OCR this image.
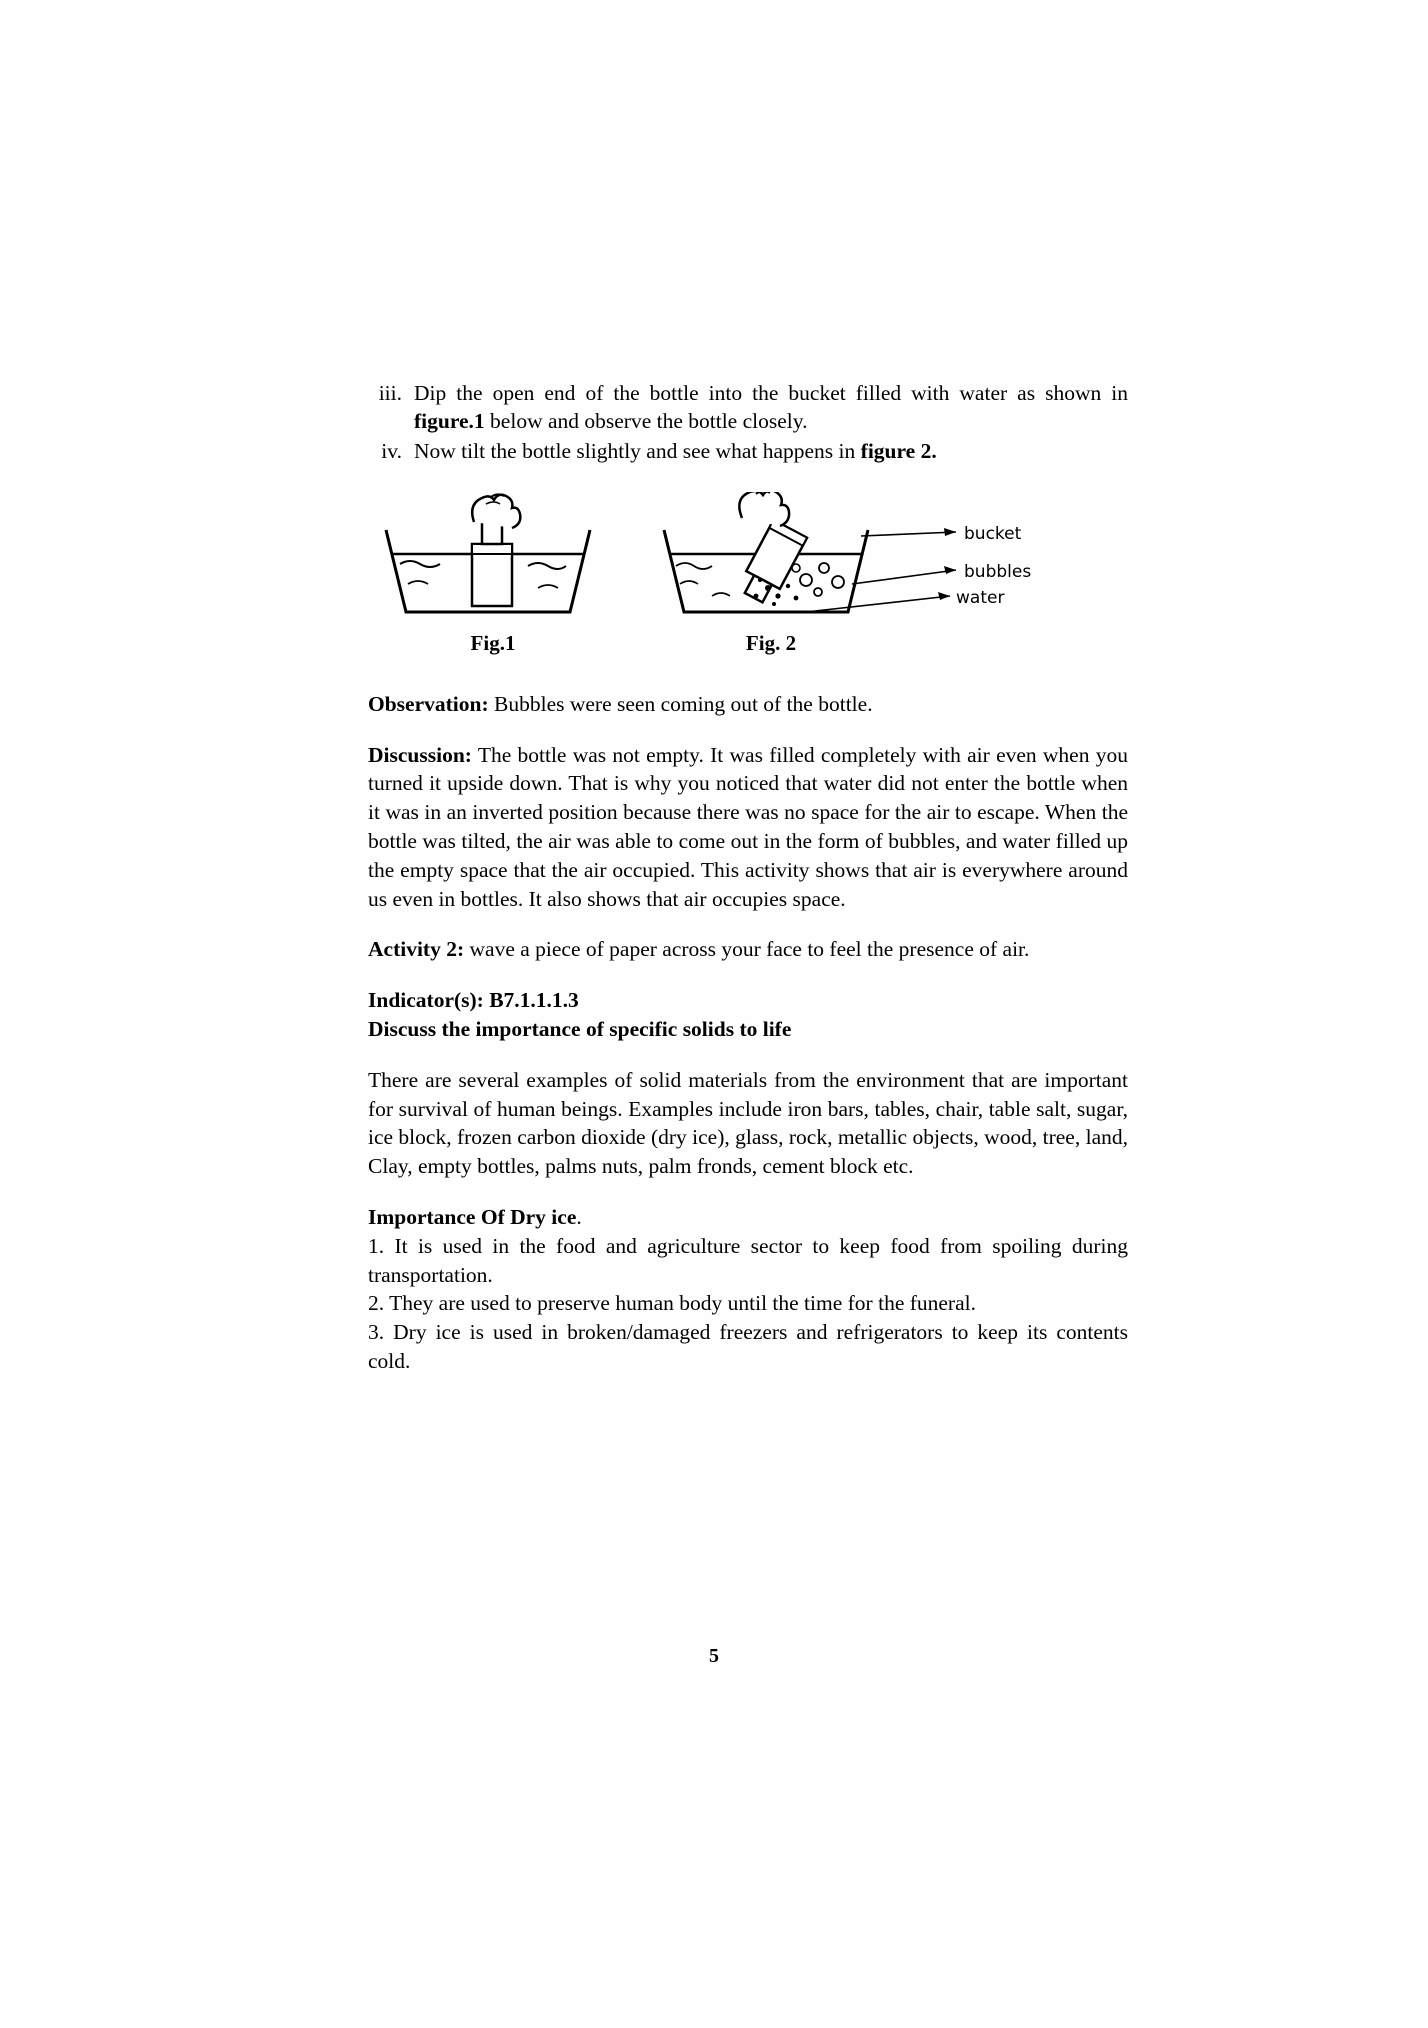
iii. Dip the open end of the bottle into the bucket filled with water as shown in figure.1 below and observe the bottle closely.
iv. Now tilt the bottle slightly and see what happens in figure 2.
Fig.1	Fig. 2
bucket
bubbles
water

Observation: Bubbles were seen coming out of the bottle.

Discussion: The bottle was not empty. It was filled completely with air even when you turned it upside down. That is why you noticed that water did not enter the bottle when it was in an inverted position because there was no space for the air to escape. When the bottle was tilted, the air was able to come out in the form of bubbles, and water filled up the empty space that the air occupied. This activity shows that air is everywhere around us even in bottles. It also shows that air occupies space.

Activity 2: wave a piece of paper across your face to feel the presence of air.

Indicator(s): B7.1.1.1.3

Discuss the importance of specific solids to life

There are several examples of solid materials from the environment that are important for survival of human beings. Examples include iron bars, tables, chair, table salt, sugar, ice block, frozen carbon dioxide (dry ice), glass, rock, metallic objects, wood, tree, land, Clay, empty bottles, palms nuts, palm fronds, cement block etc.

Importance Of Dry ice.

1. It is used in the food and agriculture sector to keep food from spoiling during transportation.

2. They are used to preserve human body until the time for the funeral.

3. Dry ice is used in broken/damaged freezers and refrigerators to keep its contents cold.

5
